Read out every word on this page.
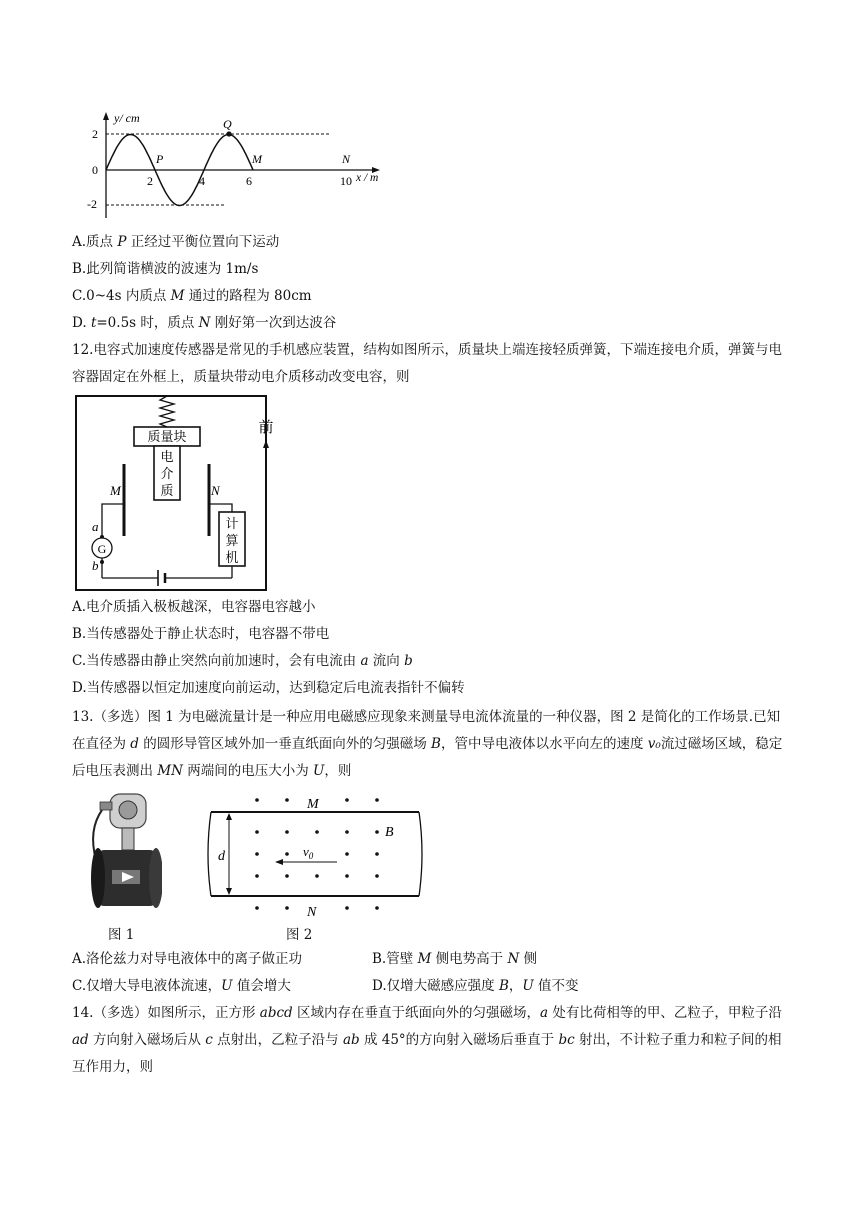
y/ cm
x / m
2
0
-2
2	4	6	10
P
Q
M	N
A.质点 P 正经过平衡位置向下运动
B.此列简谐横波的波速为 1m/s
C.0~4s 内质点 M 通过的路程为 80cm
D. t=0.5s 时，质点 N 刚好第一次到达波谷
12.电容式加速度传感器是常见的手机感应装置，结构如图所示，质量块上端连接轻质弹簧，下端连接电介质，弹簧与电容器固定在外框上，质量块带动电介质移动改变电容，则
质量块
电
介
质
M	N
a
G
b
计
算
机
前
A.电介质插入极板越深，电容器电容越小
B.当传感器处于静止状态时，电容器不带电
C.当传感器由静止突然向前加速时，会有电流由 a 流向 b
D.当传感器以恒定加速度向前运动，达到稳定后电流表指针不偏转
13.（多选）图 1 为电磁流量计是一种应用电磁感应现象来测量导电流体流量的一种仪器，图 2 是简化的工作场景.已知在直径为 d 的圆形导管区域外加一垂直纸面向外的匀强磁场 B，管中导电液体以水平向左的速度 v₀流过磁场区域，稳定后电压表测出 MN 两端间的电压大小为 U，则
图 1
d
M
N
B
$v_0$
图 2
A.洛伦兹力对导电液体中的离子做正功	B.管壁 M 侧电势高于 N 侧
C.仅增大导电液体流速，U 值会增大	D.仅增大磁感应强度 B，U 值不变
14.（多选）如图所示，正方形 abcd 区域内存在垂直于纸面向外的匀强磁场，a 处有比荷相等的甲、乙粒子，甲粒子沿 ad 方向射入磁场后从 c 点射出，乙粒子沿与 ab 成 45°的方向射入磁场后垂直于 bc 射出，不计粒子重力和粒子间的相互作用力，则
